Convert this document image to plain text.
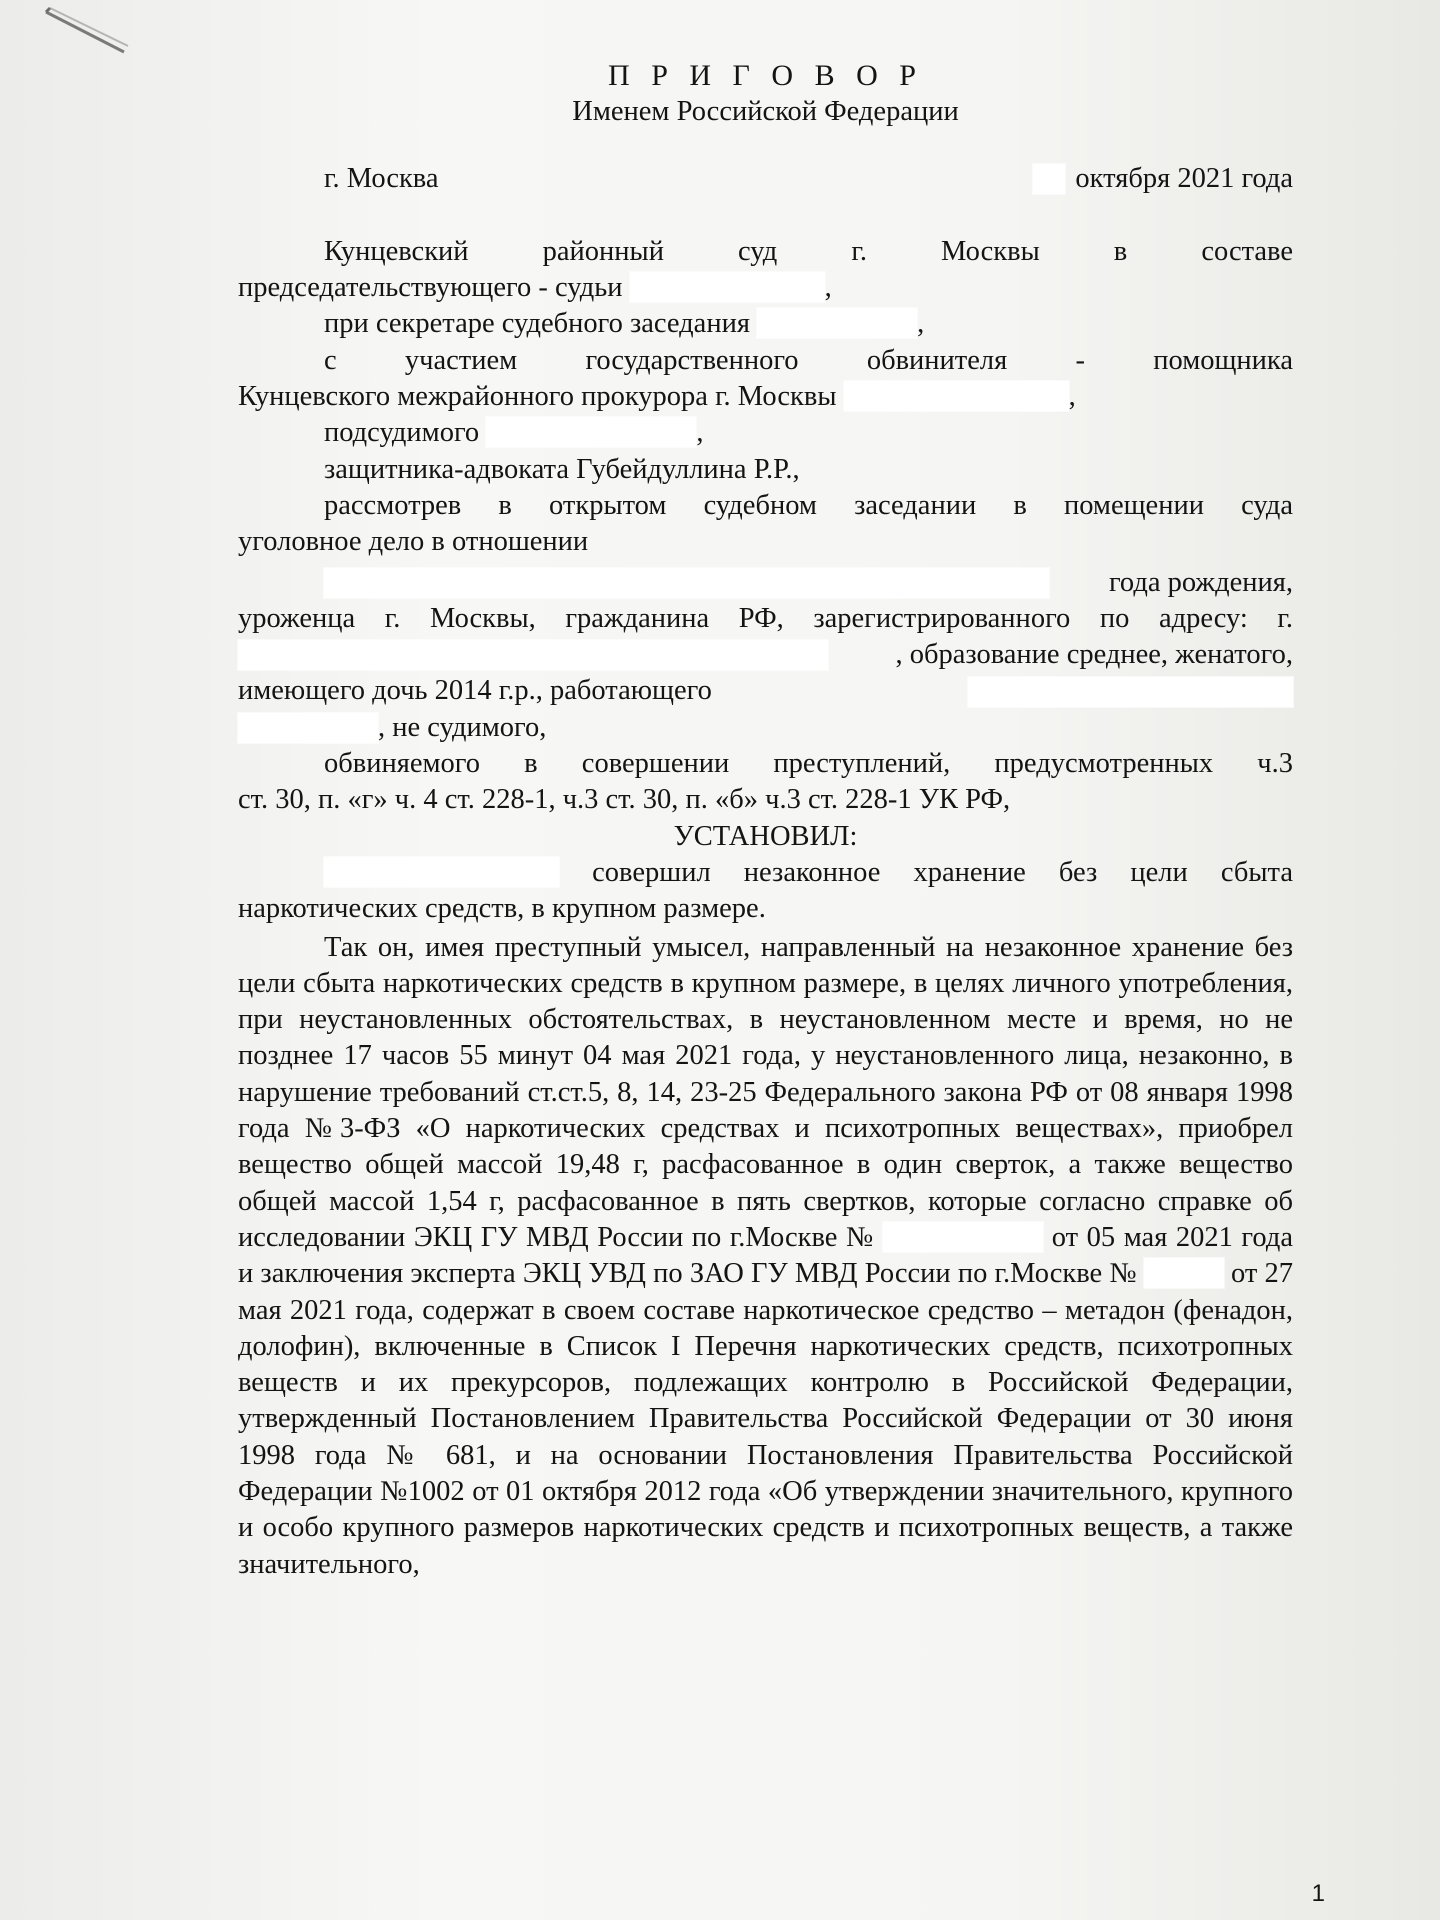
П Р И Г О В О Р

Именем Российской Федерации

г. Москва	октября 2021 года

Кунцевский районный суд г. Москвы в составе

председательствующего - судьи	,

при секретаре судебного заседания	,

с участием государственного обвинителя - помощника

Кунцевского межрайонного прокурора г. Москвы	,

подсудимого	,

защитника-адвоката Губейдуллина Р.Р.,

рассмотрев в открытом судебном заседании в помещении суда

уголовное дело в отношении

года рождения,

уроженца г. Москвы, гражданина РФ, зарегистрированного по адресу: г.

, образование среднее, женатого,

имеющего дочь 2014 г.р., работающего

, не судимого,

обвиняемого в совершении преступлений, предусмотренных ч.3

ст. 30, п. «г» ч. 4 ст. 228-1, ч.3 ст. 30, п. «б» ч.3 ст. 228-1 УК РФ,

УСТАНОВИЛ:

совершил незаконное хранение без цели сбыта наркотических средств, в крупном размере.

Так он, имея преступный умысел, направленный на незаконное хранение без цели сбыта наркотических средств в крупном размере, в целях личного употребления, при неустановленных обстоятельствах, в неустановленном месте и время, но не позднее 17 часов 55 минут 04 мая 2021 года, у неустановленного лица, незаконно, в нарушение требований ст.ст.5, 8, 14, 23-25 Федерального закона РФ от 08 января 1998 года №3-ФЗ «О наркотических средствах и психотропных веществах», приобрел вещество общей массой 19,48 г, расфасованное в один сверток, а также вещество общей массой 1,54 г, расфасованное в пять свертков, которые согласно справке об исследовании ЭКЦ ГУ МВД России по г.Москве №	от 05 мая 2021 года и заключения эксперта ЭКЦ УВД по ЗАО ГУ МВД России по г.Москве №	от 27 мая 2021 года, содержат в своем составе наркотическое средство – метадон (фенадон, долофин), включенные в Список I Перечня наркотических средств, психотропных веществ и их прекурсоров, подлежащих контролю в Российской Федерации, утвержденный Постановлением Правительства Российской Федерации от 30 июня 1998 года № 681, и на основании Постановления Правительства Российской Федерации №1002 от 01 октября 2012 года «Об утверждении значительного, крупного и особо крупного размеров наркотических средств и психотропных веществ, а также значительного,

1
